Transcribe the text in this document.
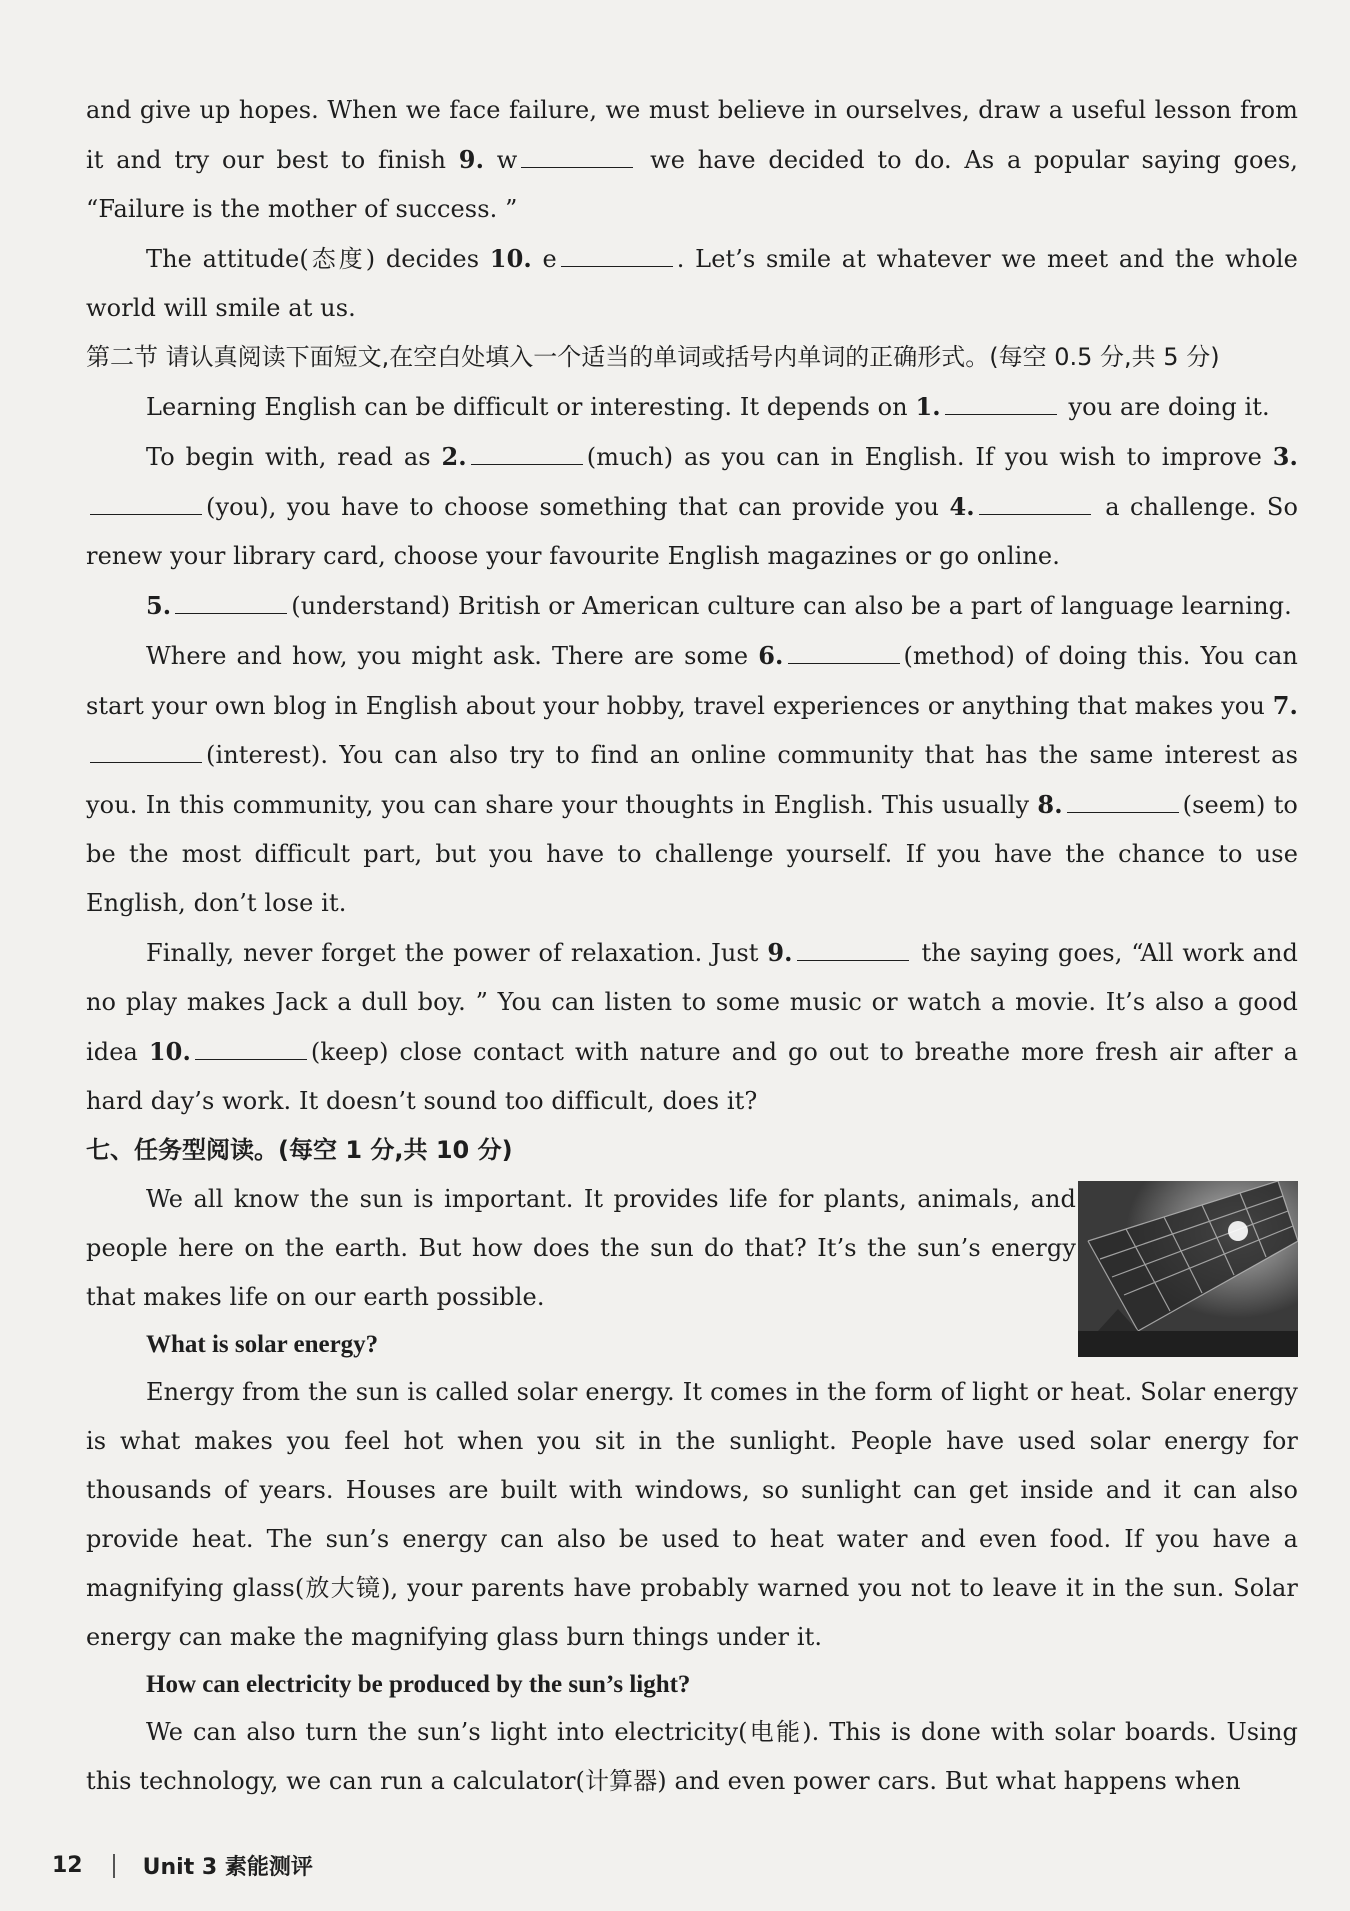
and give up hopes. When we face failure, we must believe in ourselves, draw a useful lesson from it and try our best to finish 9. w	we have decided to do. As a popular saying goes, “Failure is the mother of success. ”

The attitude(态度) decides 10. e	. Let’s smile at whatever we meet and the whole world will smile at us.

第二节 请认真阅读下面短文,在空白处填入一个适当的单词或括号内单词的正确形式。(每空 0.5 分,共 5 分)

Learning English can be difficult or interesting. It depends on 1.	you are doing it.

To begin with, read as 2.	(much) as you can in English. If you wish to improve 3.(you), you have to choose something that can provide you 4.	a challenge. So renew your library card, choose your favourite English magazines or go online.

5.	(understand) British or American culture can also be a part of language learning.

Where and how, you might ask. There are some 6.	(method) of doing this. You can start your own blog in English about your hobby, travel experiences or anything that makes you 7.(interest). You can also try to find an online community that has the same interest as you. In this community, you can share your thoughts in English. This usually 8.	(seem) to be the most difficult part, but you have to challenge yourself. If you have the chance to use English, don’t lose it.

Finally, never forget the power of relaxation. Just 9.	the saying goes, “All work and no play makes Jack a dull boy. ” You can listen to some music or watch a movie. It’s also a good idea 10.	(keep) close contact with nature and go out to breathe more fresh air after a hard day’s work. It doesn’t sound too difficult, does it?

七、任务型阅读。(每空 1 分,共 10 分)

We all know the sun is important. It provides life for plants, animals, and people here on the earth. But how does the sun do that? It’s the sun’s energy that makes life on our earth possible.

What is solar energy?

Energy from the sun is called solar energy. It comes in the form of light or heat. Solar energy is what makes you feel hot when you sit in the sunlight. People have used solar energy for thousands of years. Houses are built with windows, so sunlight can get inside and it can also provide heat. The sun’s energy can also be used to heat water and even food. If you have a magnifying glass(放大镜), your parents have probably warned you not to leave it in the sun. Solar energy can make the magnifying glass burn things under it.

How can electricity be produced by the sun’s light?

We can also turn the sun’s light into electricity(电能). This is done with solar boards. Using this technology, we can run a calculator(计算器) and even power cars. But what happens when

12	Unit 3 素能测评
